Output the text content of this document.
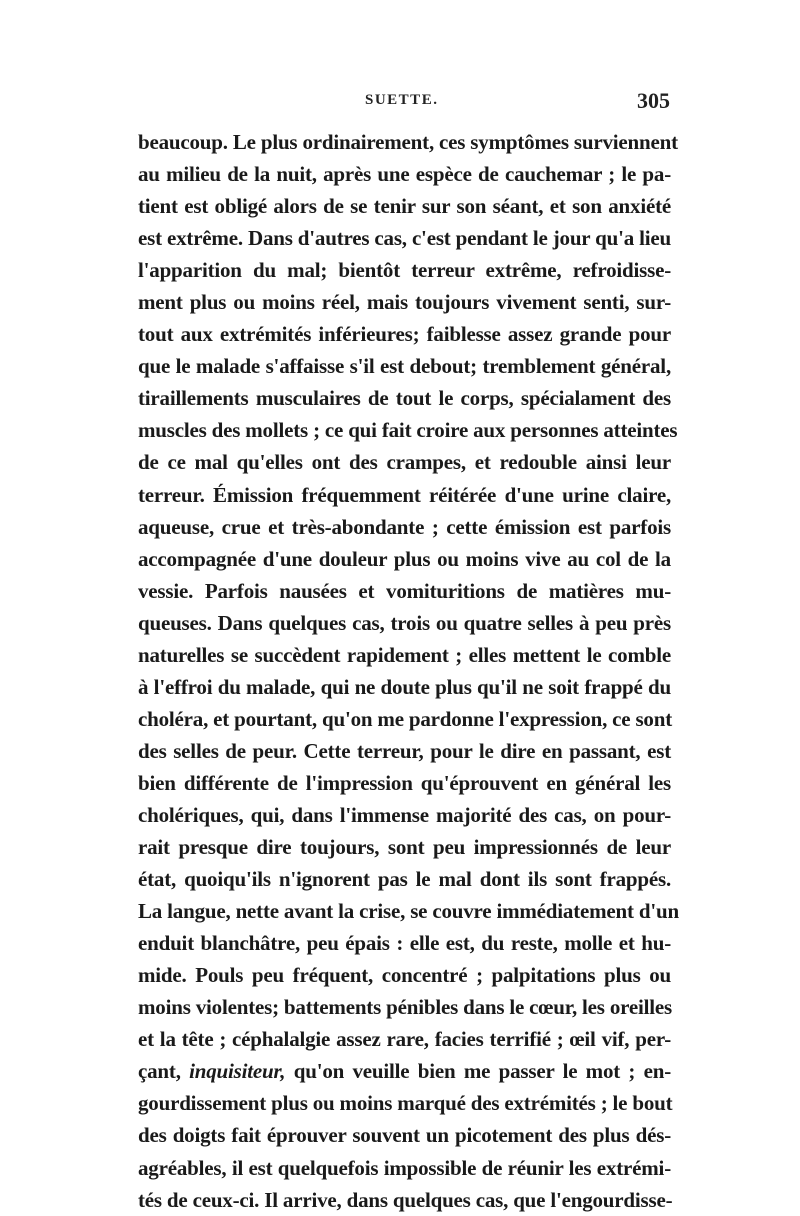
SUETTE.	305
beaucoup. Le plus ordinairement, ces symptômes surviennent
au milieu de la nuit, après une espèce de cauchemar ; le pa-
tient est obligé alors de se tenir sur son séant, et son anxiété
est extrême. Dans d'autres cas, c'est pendant le jour qu'a lieu
l'apparition du mal; bientôt terreur extrême, refroidisse-
ment plus ou moins réel, mais toujours vivement senti, sur-
tout aux extrémités inférieures; faiblesse assez grande pour
que le malade s'affaisse s'il est debout; tremblement général,
tiraillements musculaires de tout le corps, spécialament des
muscles des mollets ; ce qui fait croire aux personnes atteintes
de ce mal qu'elles ont des crampes, et redouble ainsi leur
terreur. Émission fréquemment réitérée d'une urine claire,
aqueuse, crue et très-abondante ; cette émission est parfois
accompagnée d'une douleur plus ou moins vive au col de la
vessie. Parfois nausées et vomituritions de matières mu-
queuses. Dans quelques cas, trois ou quatre selles à peu près
naturelles se succèdent rapidement ; elles mettent le comble
à l'effroi du malade, qui ne doute plus qu'il ne soit frappé du
choléra, et pourtant, qu'on me pardonne l'expression, ce sont
des selles de peur. Cette terreur, pour le dire en passant, est
bien différente de l'impression qu'éprouvent en général les
cholériques, qui, dans l'immense majorité des cas, on pour-
rait presque dire toujours, sont peu impressionnés de leur
état, quoiqu'ils n'ignorent pas le mal dont ils sont frappés.
La langue, nette avant la crise, se couvre immédiatement d'un
enduit blanchâtre, peu épais : elle est, du reste, molle et hu-
mide. Pouls peu fréquent, concentré ; palpitations plus ou
moins violentes; battements pénibles dans le cœur, les oreilles
et la tête ; céphalalgie assez rare, facies terrifié ; œil vif, per-
çant, inquisiteur, qu'on veuille bien me passer le mot ; en-
gourdissement plus ou moins marqué des extrémités ; le bout
des doigts fait éprouver souvent un picotement des plus dés-
agréables, il est quelquefois impossible de réunir les extrémi-
tés de ceux-ci. Il arrive, dans quelques cas, que l'engourdisse-
